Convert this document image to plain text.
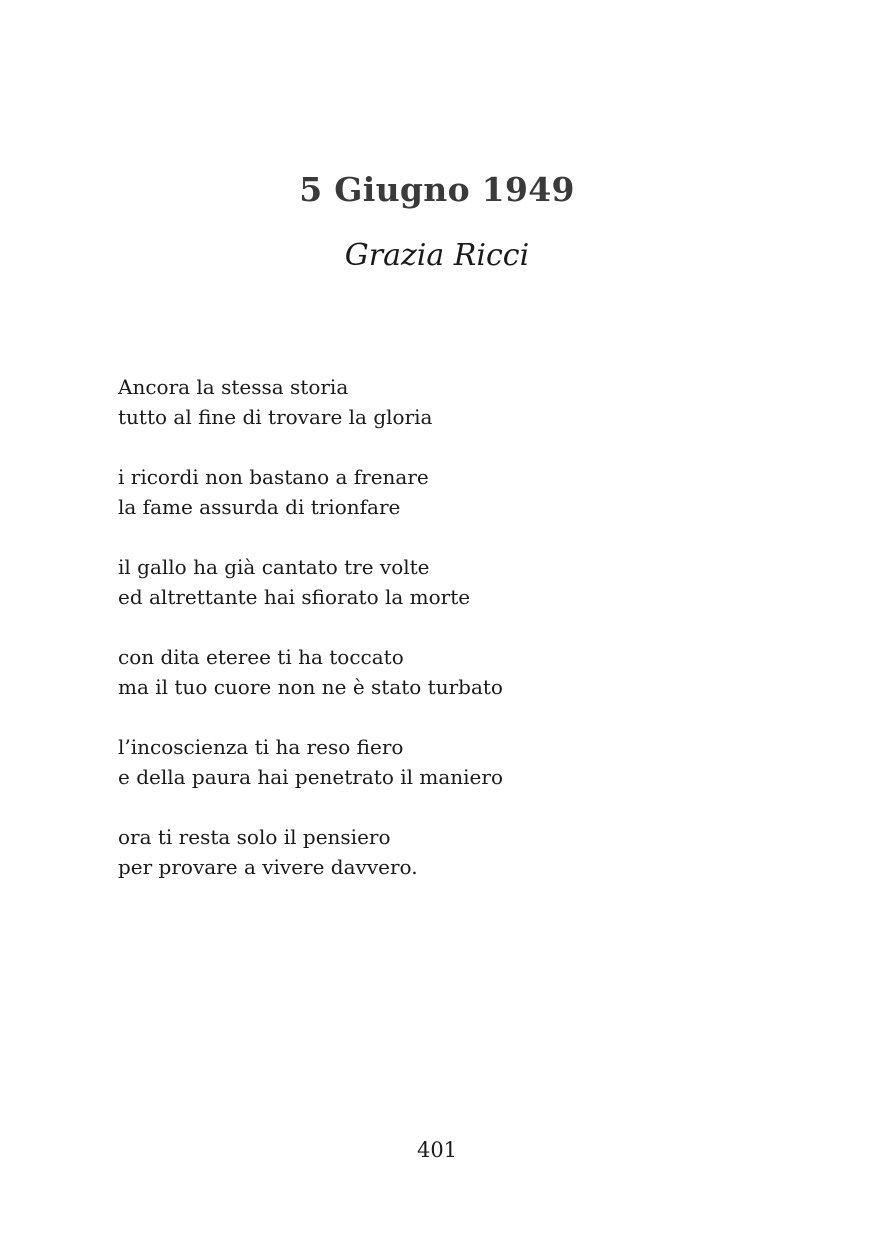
5 Giugno 1949
Grazia Ricci
Ancora la stessa storia
tutto al fine di trovare la gloria
i ricordi non bastano a frenare
la fame assurda di trionfare
il gallo ha già cantato tre volte
ed altrettante hai sfiorato la morte
con dita eteree ti ha toccato
ma il tuo cuore non ne è stato turbato
l’incoscienza ti ha reso fiero
e della paura hai penetrato il maniero
ora ti resta solo il pensiero
per provare a vivere davvero.
401
